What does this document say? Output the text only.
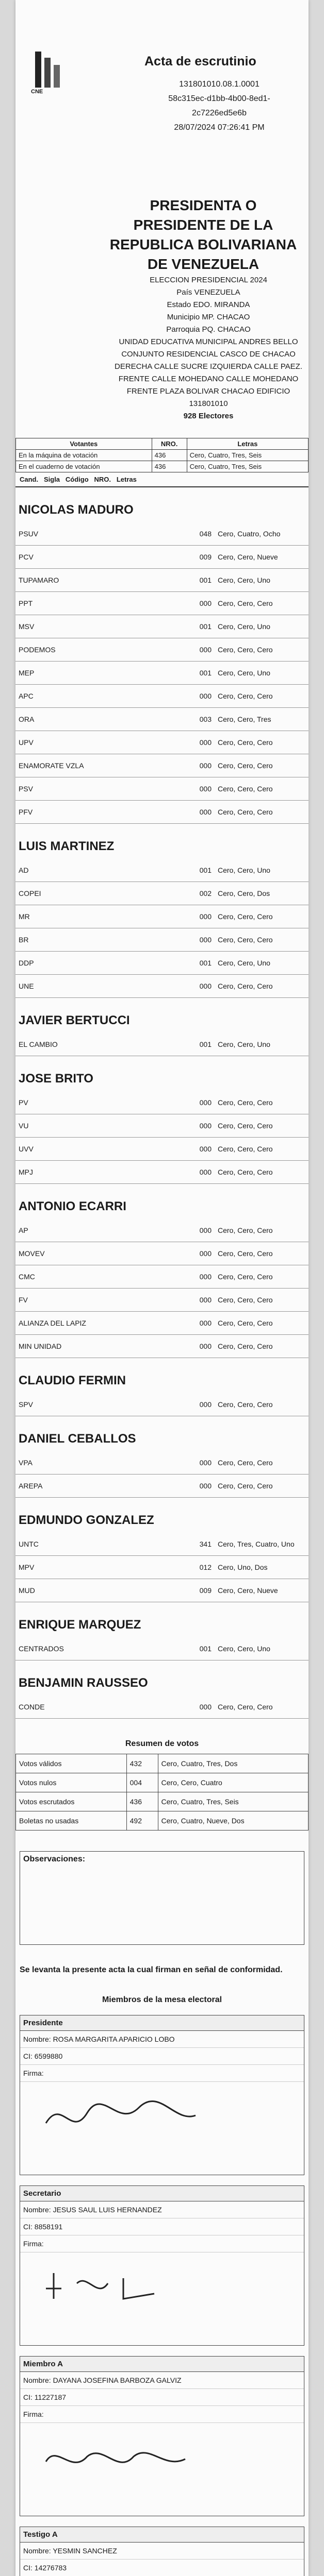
CNE
Acta de escrutinio
131801010.08.1.0001
58c315ec-d1bb-4b00-8ed1-2c7226ed5e6b
28/07/2024 07:26:41 PM
PRESIDENTA O PRESIDENTE DE LA REPUBLICA BOLIVARIANA DE VENEZUELA

ELECCION PRESIDENCIAL 2024

País VENEZUELA

Estado EDO. MIRANDA

Municipio MP. CHACAO

Parroquia PQ. CHACAO

UNIDAD EDUCATIVA MUNICIPAL ANDRES BELLO

CONJUNTO RESIDENCIAL CASCO DE CHACAO DERECHA CALLE SUCRE IZQUIERDA CALLE PAEZ. FRENTE CALLE MOHEDANO CALLE MOHEDANO FRENTE PLAZA BOLIVAR CHACAO EDIFICIO

131801010

928 Electores

Votantes	NRO.	Letras
En la máquina de votación	436	Cero, Cuatro, Tres, Seis
En el cuaderno de votación	436	Cero, Cuatro, Tres, Seis
Cand. Sigla Código NRO. Letras
NICOLAS MADURO
PSUV	048	Cero, Cuatro, Ocho
PCV	009	Cero, Cero, Nueve
TUPAMARO	001	Cero, Cero, Uno
PPT	000	Cero, Cero, Cero
MSV	001	Cero, Cero, Uno
PODEMOS	000	Cero, Cero, Cero
MEP	001	Cero, Cero, Uno
APC	000	Cero, Cero, Cero
ORA	003	Cero, Cero, Tres
UPV	000	Cero, Cero, Cero
ENAMORATE VZLA	000	Cero, Cero, Cero
PSV	000	Cero, Cero, Cero
PFV	000	Cero, Cero, Cero
LUIS MARTINEZ
AD	001	Cero, Cero, Uno
COPEI	002	Cero, Cero, Dos
MR	000	Cero, Cero, Cero
BR	000	Cero, Cero, Cero
DDP	001	Cero, Cero, Uno
UNE	000	Cero, Cero, Cero
JAVIER BERTUCCI
EL CAMBIO	001	Cero, Cero, Uno
JOSE BRITO
PV	000	Cero, Cero, Cero
VU	000	Cero, Cero, Cero
UVV	000	Cero, Cero, Cero
MPJ	000	Cero, Cero, Cero
ANTONIO ECARRI
AP	000	Cero, Cero, Cero
MOVEV	000	Cero, Cero, Cero
CMC	000	Cero, Cero, Cero
FV	000	Cero, Cero, Cero
ALIANZA DEL LAPIZ	000	Cero, Cero, Cero
MIN UNIDAD	000	Cero, Cero, Cero
CLAUDIO FERMIN
SPV	000	Cero, Cero, Cero
DANIEL CEBALLOS
VPA	000	Cero, Cero, Cero
AREPA	000	Cero, Cero, Cero
EDMUNDO GONZALEZ
UNTC	341	Cero, Tres, Cuatro, Uno
MPV	012	Cero, Uno, Dos
MUD	009	Cero, Cero, Nueve
ENRIQUE MARQUEZ
CENTRADOS	001	Cero, Cero, Uno
BENJAMIN RAUSSEO
CONDE	000	Cero, Cero, Cero
Resumen de votos
Votos válidos	432	Cero, Cuatro, Tres, Dos
Votos nulos	004	Cero, Cero, Cuatro
Votos escrutados	436	Cero, Cuatro, Tres, Seis
Boletas no usadas	492	Cero, Cuatro, Nueve, Dos
Observaciones:
Se levanta la presente acta la cual firman en señal de conformidad.
Miembros de la mesa electoral
Presidente
Nombre: ROSA MARGARITA APARICIO LOBO
CI: 6599880
Firma:
Secretario
Nombre: JESUS SAUL LUIS HERNANDEZ
CI: 8858191
Firma:
Miembro A
Nombre: DAYANA JOSEFINA BARBOZA GALVIZ
CI: 11227187
Firma:
Testigo A
Nombre: YESMIN SANCHEZ
CI: 14276783
